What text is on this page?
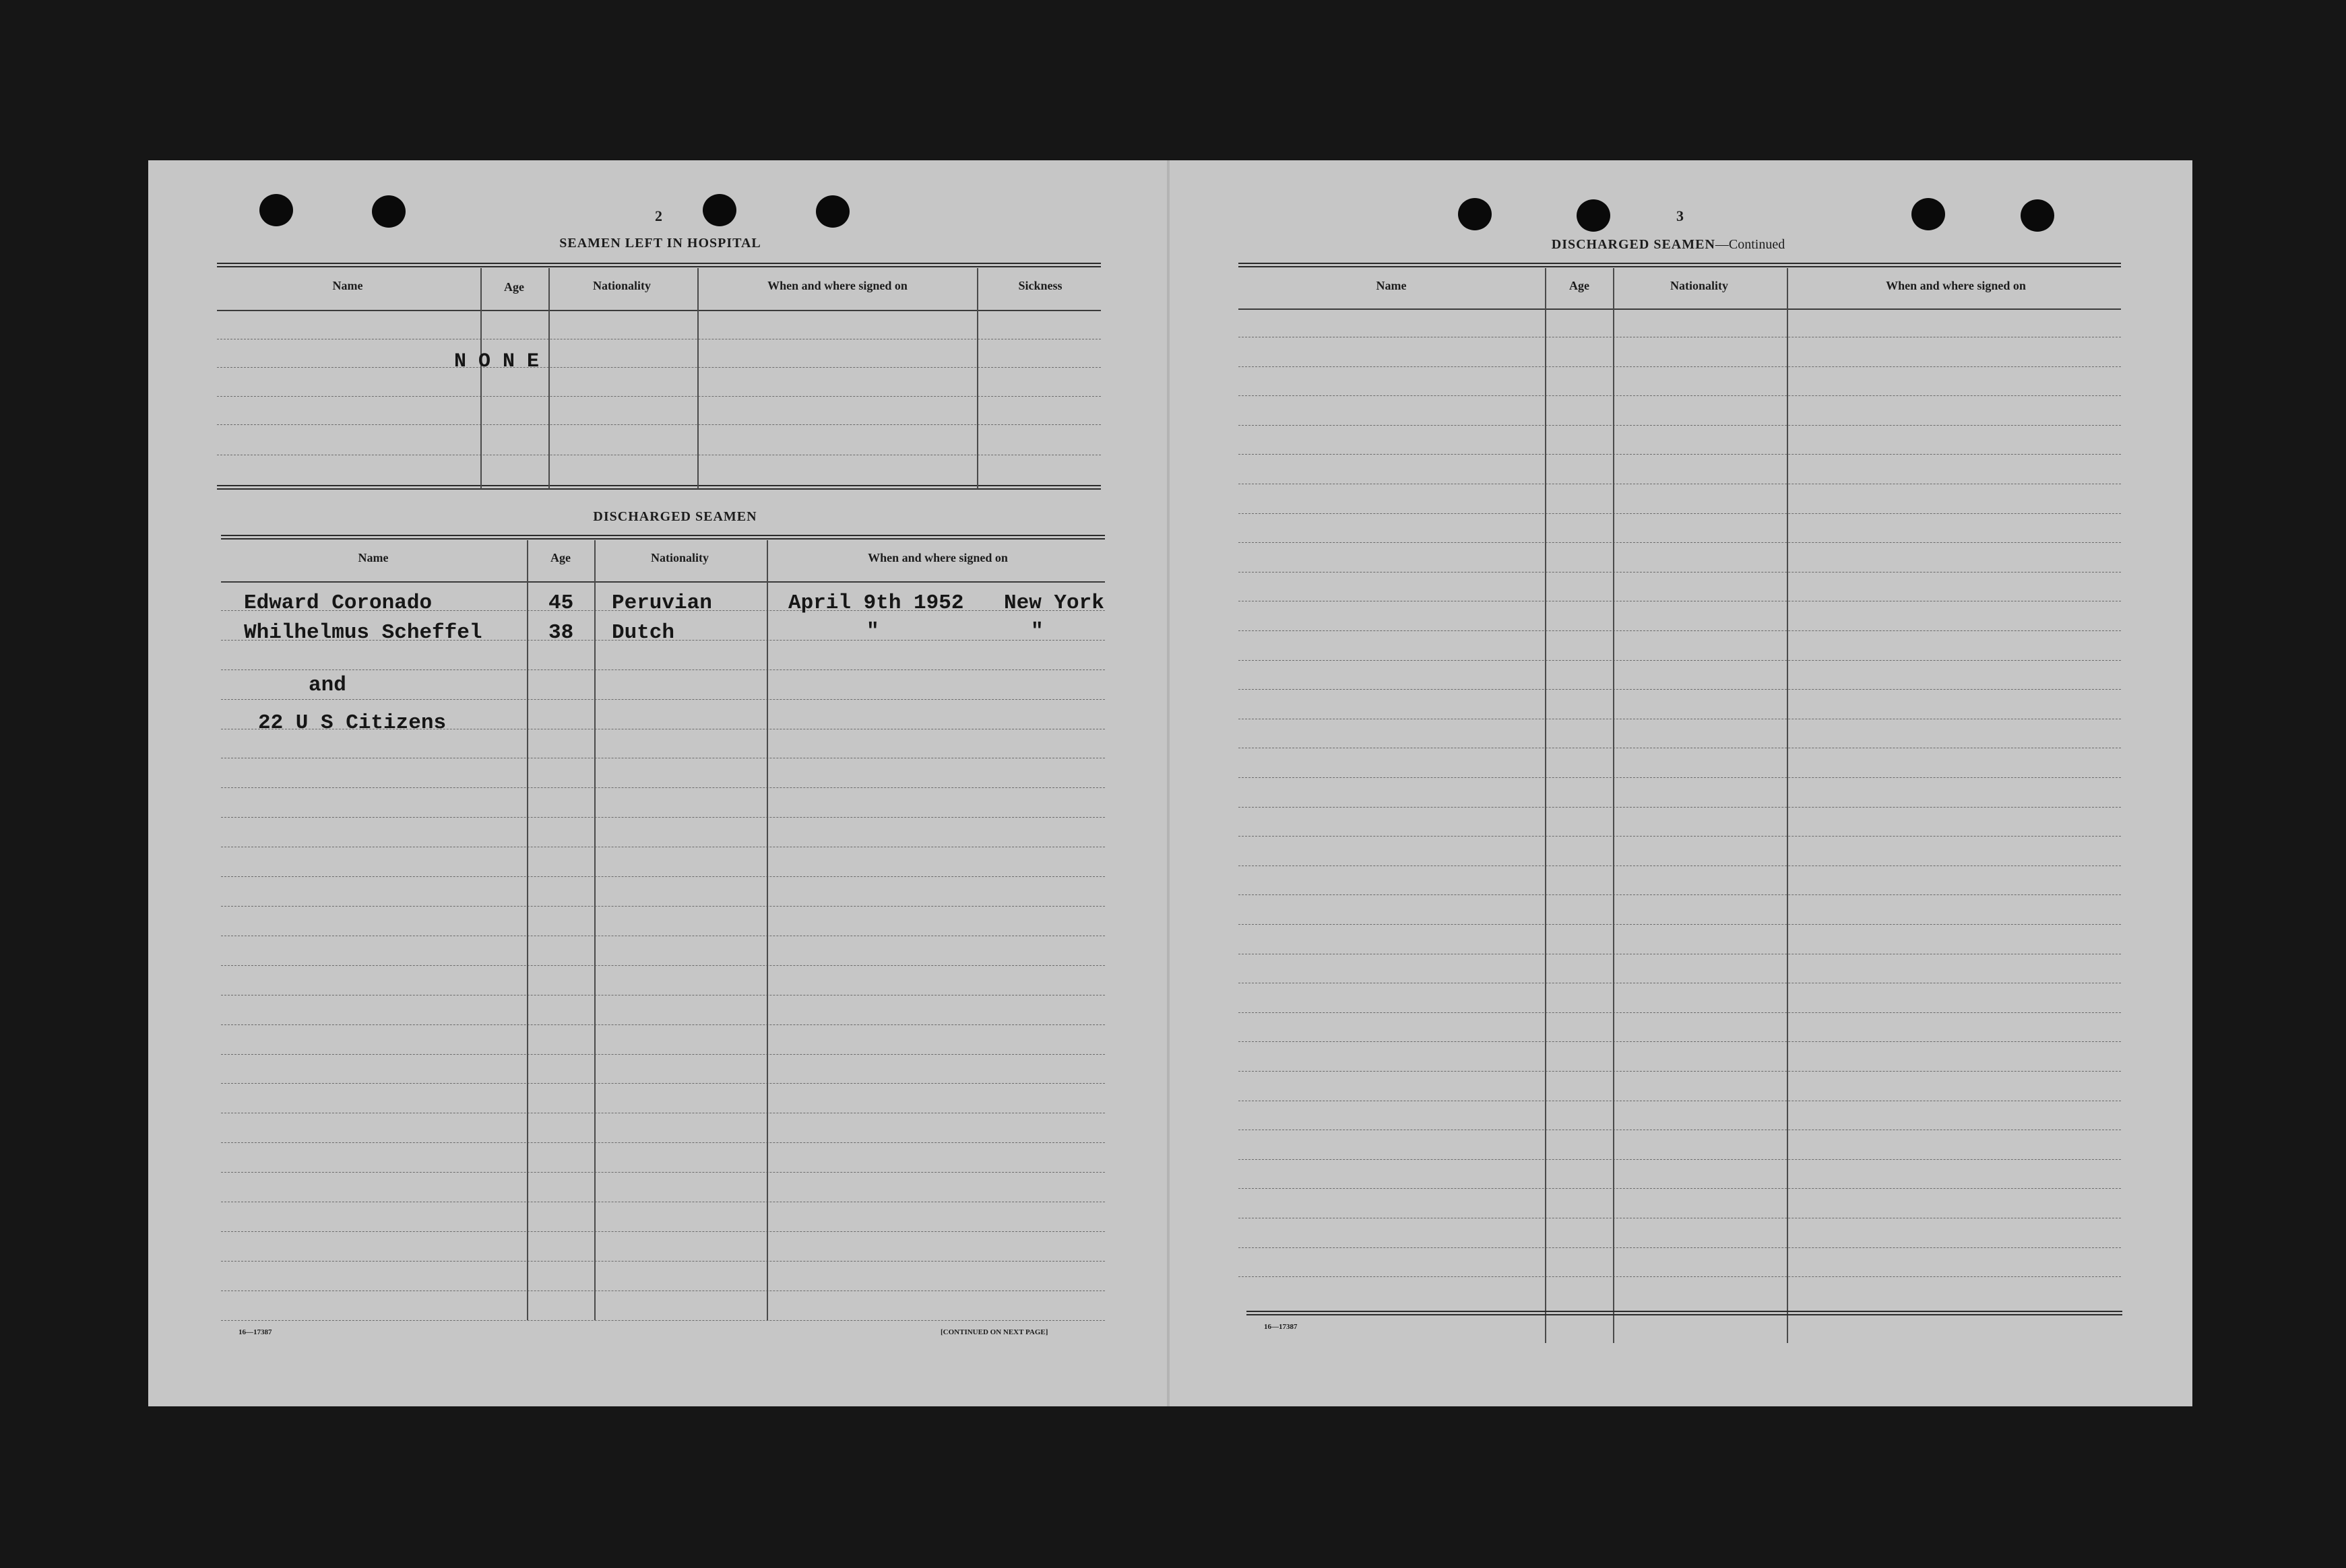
2
SEAMEN LEFT IN HOSPITAL
Name	Age	Nationality	When and where signed on	Sickness
N O N E
DISCHARGED SEAMEN
Name	Age	Nationality	When and where signed on
Edward Coronado	45 Peruvian	April 9th 1952 New York
Whilhelmus Scheffel	38 Dutch	"	"
and
22 U S Citizens
16—17387	[CONTINUED ON NEXT PAGE]
3
DISCHARGED SEAMEN—Continued
Name	Age	Nationality	When and where signed on
16—17387
